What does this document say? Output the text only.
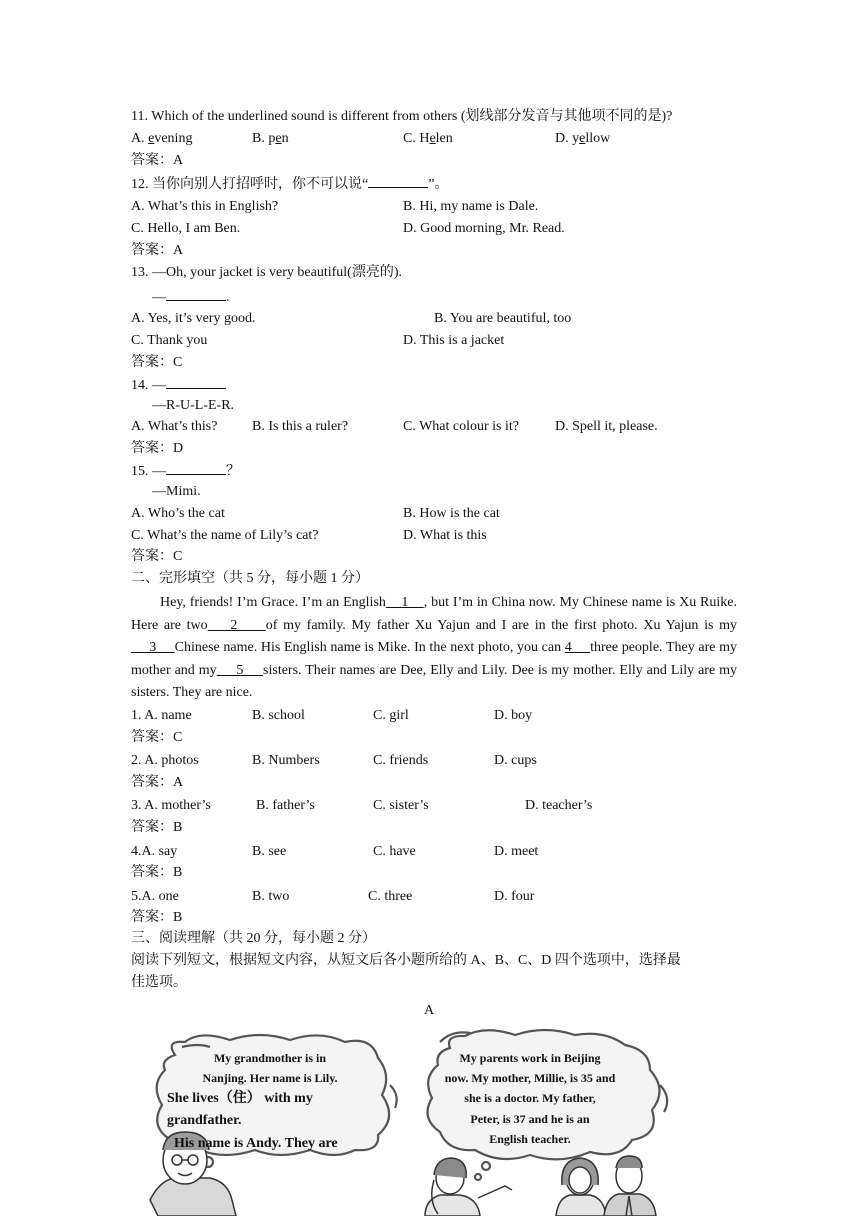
11. Which of the underlined sound is different from others (划线部分发音与其他项不同的是)?
A. evening	B. pen	C. Helen	D. yellow
答案：A
12. 当你向别人打招呼时，你不可以说“	”。
A. What’s this in English?	B. Hi, my name is Dale.
C. Hello, I am Ben.	D. Good morning, Mr. Read.
答案：A
13. —Oh, your jacket is very beautiful(漂亮的).
—	.
A. Yes, it’s very good.	B. You are beautiful, too
C. Thank you	D. This is a jacket
答案：C
14. —
—R-U-L-E-R.
A. What’s this? B. Is this a ruler?	C. What colour is it?	D. Spell it, please.
答案：D
15. —	？
—Mimi.
A. Who’s the cat	B. How is the cat
C. What’s the name of Lily’s cat?	D. What is this
答案：C
二、完形填空（共 5 分，每小题 1 分）
Hey, friends! I’m Grace. I’m an English    1    , but I’m in China now. My Chinese name is Xu Ruike. Here are two    2     of my family. My father Xu Yajun and I are in the first photo. Xu Yajun is my     3     Chinese name. His English name is Mike. In the next photo, you can 4     three people. They are my mother and my     5     sisters. Their names are Dee, Elly and Lily. Dee is my mother. Elly and Lily are my sisters. They are nice.
1. A. name	B. school	C. girl	D. boy
答案：C
2. A. photos	B. Numbers	C. friends	D. cups
答案：A
3. A. mother’s	B. father’s	C. sister’s	D. teacher’s
答案：B
4.A. say	B. see	C. have	D. meet
答案：B
5.A. one	B. two	C. three	D. four
答案：B
三、阅读理解（共 20 分，每小题 2 分）
阅读下列短文，根据短文内容，从短文后各小题所给的 A、B、C、D 四个选项中，选择最
佳选项。
A
My grandmother is in
Nanjing. Her name is Lily.
She lives（住） with my
grandfather.
His name is Andy. They are
My parents work in Beijing
now. My mother, Millie, is 35 and
she is a doctor. My father,
Peter, is 37 and he is an
English teacher.
